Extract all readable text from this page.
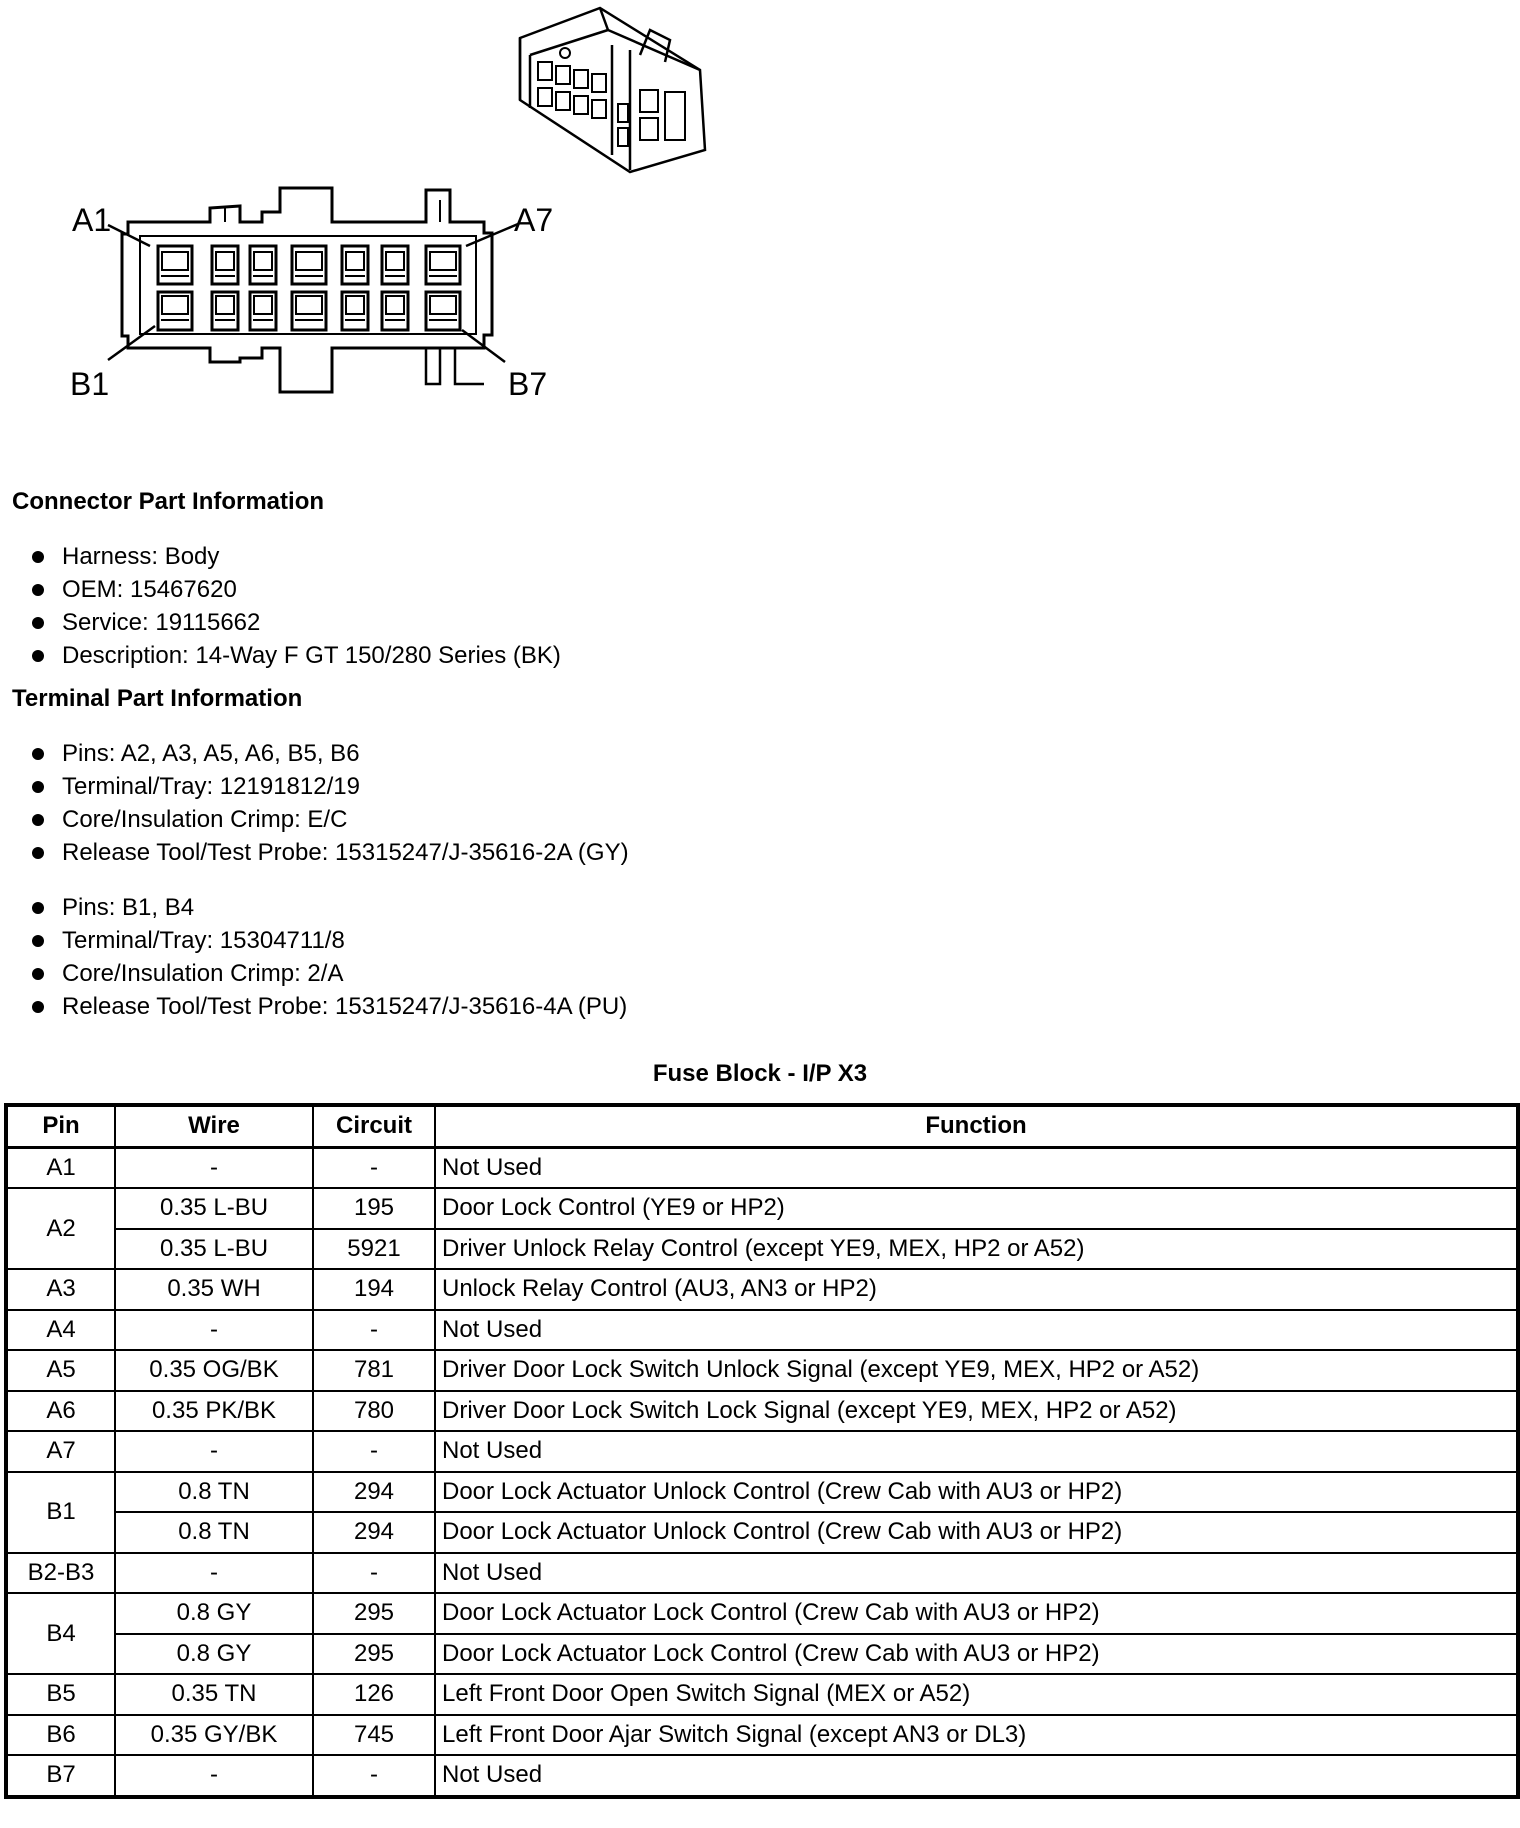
A1	A7
B1	B7
Connector Part Information
Harness: Body
OEM: 15467620
Service: 19115662
Description: 14-Way F GT 150/280 Series (BK)
Terminal Part Information
Pins: A2, A3, A5, A6, B5, B6
Terminal/Tray: 12191812/19
Core/Insulation Crimp: E/C
Release Tool/Test Probe: 15315247/J-35616-2A (GY)
Pins: B1, B4
Terminal/Tray: 15304711/8
Core/Insulation Crimp: 2/A
Release Tool/Test Probe: 15315247/J-35616-4A (PU)
Fuse Block - I/P X3
Pin	Wire	Circuit	Function
A1	-	-	Not Used
A2	0.35 L-BU	195	Door Lock Control (YE9 or HP2)
	0.35 L-BU	5921	Driver Unlock Relay Control (except YE9, MEX, HP2 or A52)
A3	0.35 WH	194	Unlock Relay Control (AU3, AN3 or HP2)
A4	-	-	Not Used
A5	0.35 OG/BK	781	Driver Door Lock Switch Unlock Signal (except YE9, MEX, HP2 or A52)
A6	0.35 PK/BK	780	Driver Door Lock Switch Lock Signal (except YE9, MEX, HP2 or A52)
A7	-	-	Not Used
B1	0.8 TN	294	Door Lock Actuator Unlock Control (Crew Cab with AU3 or HP2)
	0.8 TN	294	Door Lock Actuator Unlock Control (Crew Cab with AU3 or HP2)
B2-B3	-	-	Not Used
B4	0.8 GY	295	Door Lock Actuator Lock Control (Crew Cab with AU3 or HP2)
	0.8 GY	295	Door Lock Actuator Lock Control (Crew Cab with AU3 or HP2)
B5	0.35 TN	126	Left Front Door Open Switch Signal (MEX or A52)
B6	0.35 GY/BK	745	Left Front Door Ajar Switch Signal (except AN3 or DL3)
B7	-	-	Not Used
